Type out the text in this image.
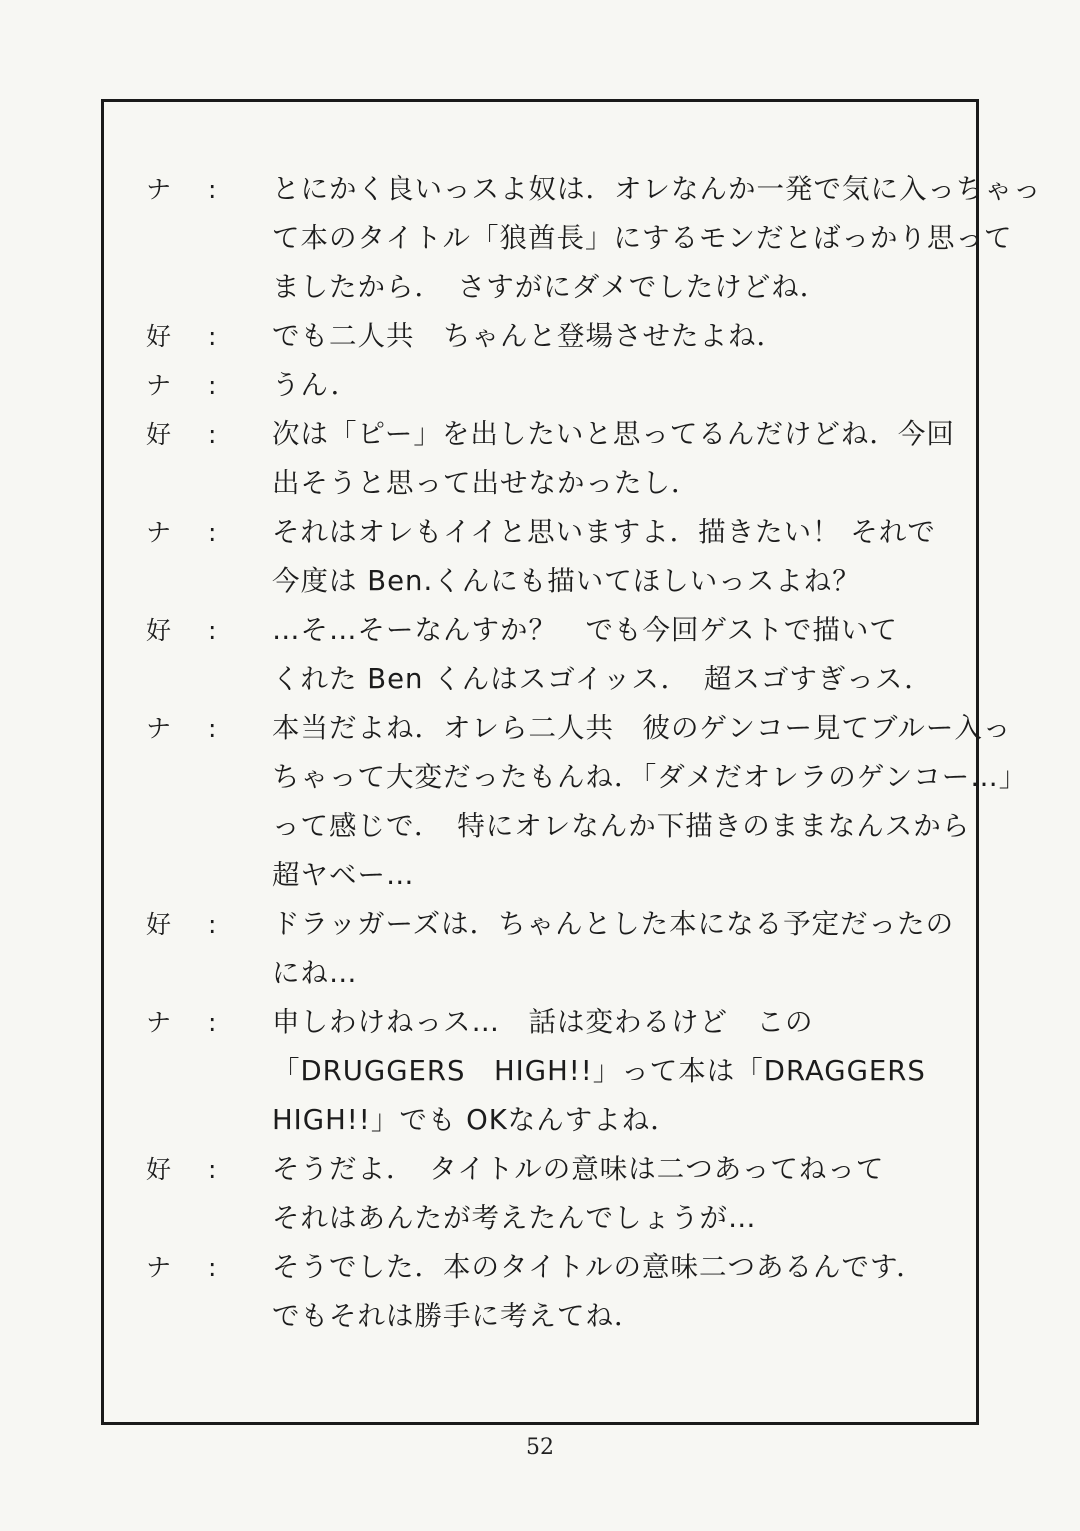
ナ	:	とにかく良いっスよ奴は．オレなんか一発で気に入っちゃっ
て本のタイトル「狼酋長」にするモンだとばっかり思って
ましたから．　さすがにダメでしたけどね．
好	:	でも二人共　ちゃんと登場させたよね．
ナ	:	うん．
好	:	次は「ピー」を出したいと思ってるんだけどね．今回
出そうと思って出せなかったし．
ナ	:	それはオレもイイと思いますよ．描きたい！ それで
今度は Ben.くんにも描いてほしいっスよね？
好	:	…そ…そーなんすか？　でも今回ゲストで描いて
くれた Ben くんはスゴイッス．　超スゴすぎっス．
ナ	:	本当だよね．オレら二人共　彼のゲンコー見てブルー入っ
ちゃって大変だったもんね．「ダメだオレラのゲンコー…」
って感じで．　特にオレなんか下描きのままなんスから
超ヤベー…
好	:	ドラッガーズは．ちゃんとした本になる予定だったの
にね…
ナ	:	申しわけねっス…　話は変わるけど　この
「DRUGGERS　HIGH!!」って本は「DRAGGERS
HIGH!!」でも OKなんすよね．
好	:	そうだよ．　タイトルの意味は二つあってねって
それはあんたが考えたんでしょうが…
ナ	:	そうでした．本のタイトルの意味二つあるんです．
でもそれは勝手に考えてね．
52
